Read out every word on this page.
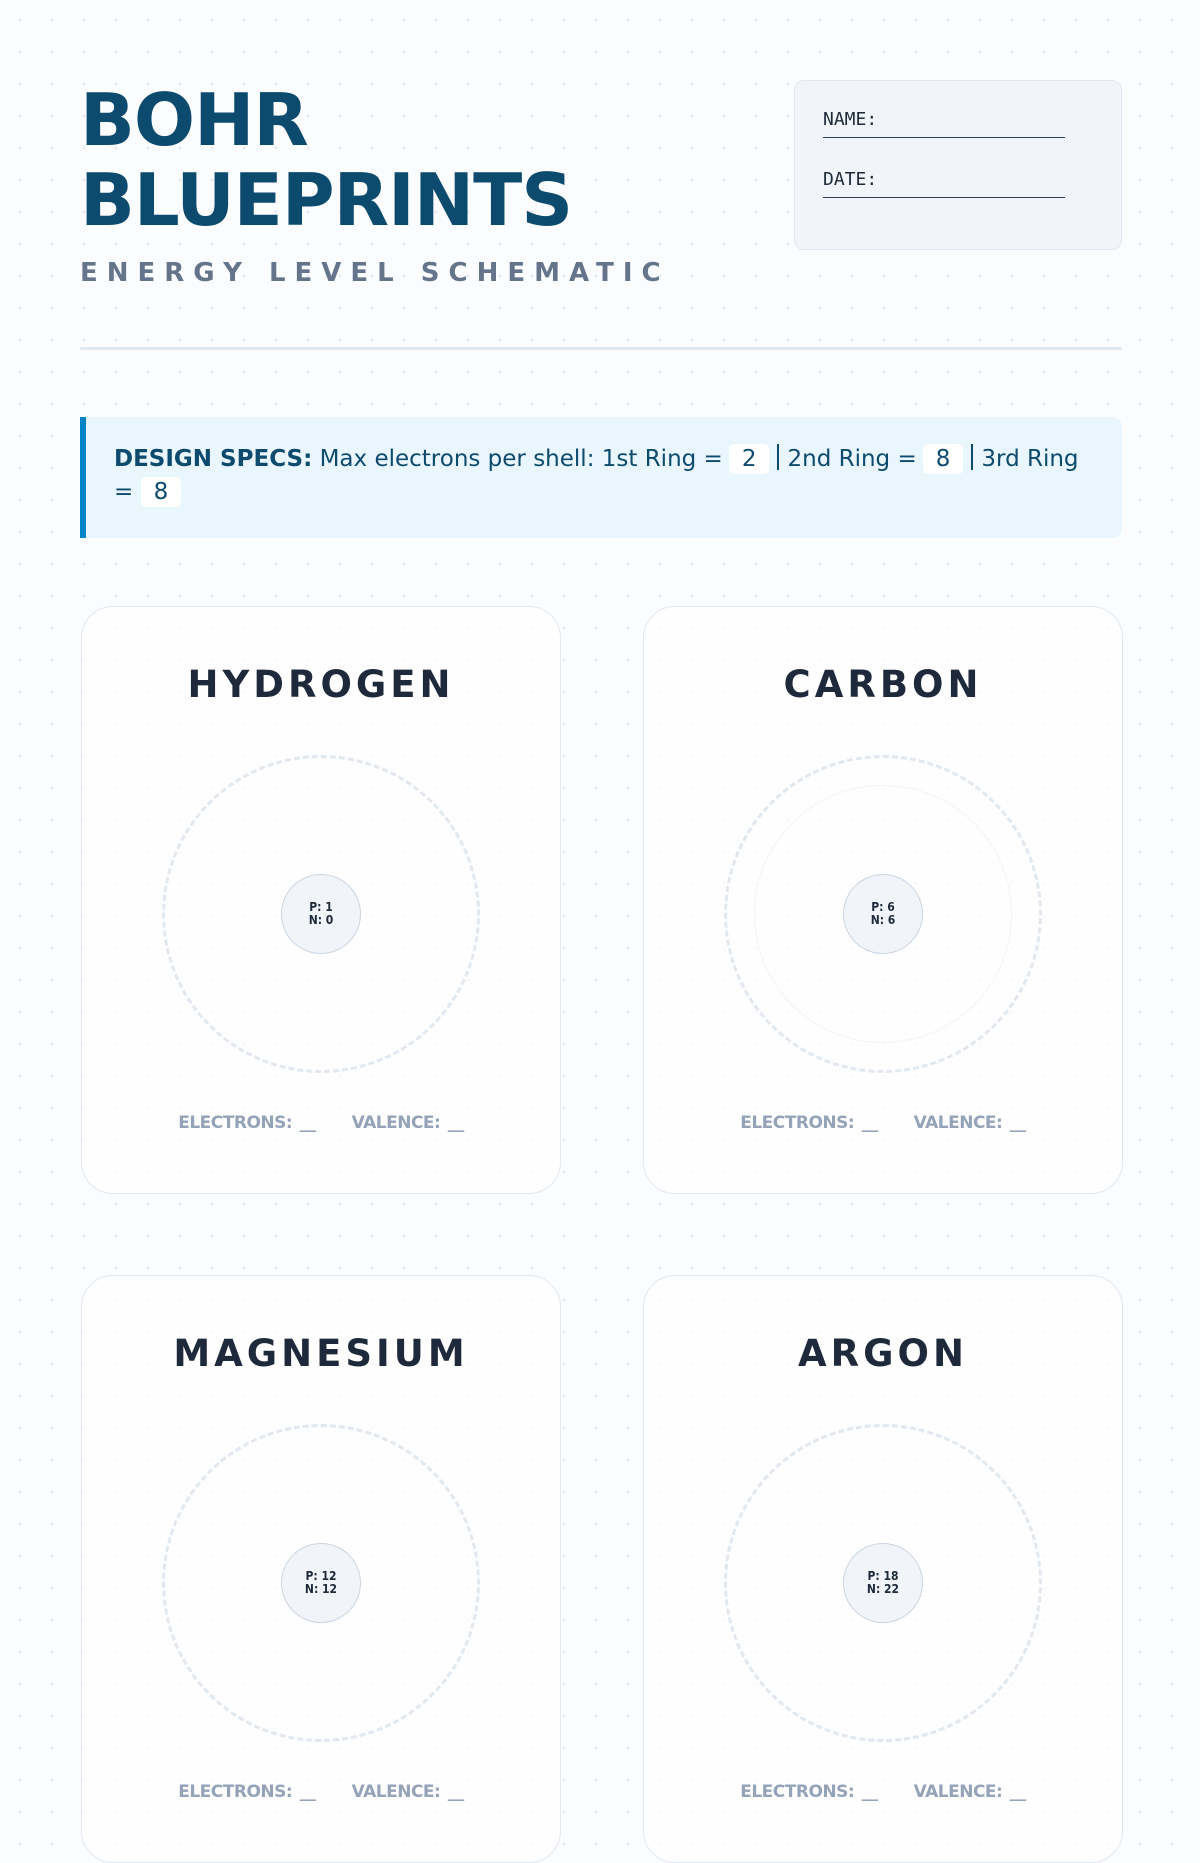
BOHR
BLUEPRINTS
ENERGY LEVEL SCHEMATIC
NAME:
DATE:
DESIGN SPECS: Max electrons per shell: 1st Ring = 2 2nd Ring = 8 3rd Ring = 8
HYDROGEN
P: 1
N: 0
ELECTRONS: __ VALENCE: __
CARBON
P: 6
N: 6
ELECTRONS: __ VALENCE: __
MAGNESIUM
P: 12
N: 12
ELECTRONS: __ VALENCE: __
ARGON
P: 18
N: 22
ELECTRONS: __ VALENCE: __
